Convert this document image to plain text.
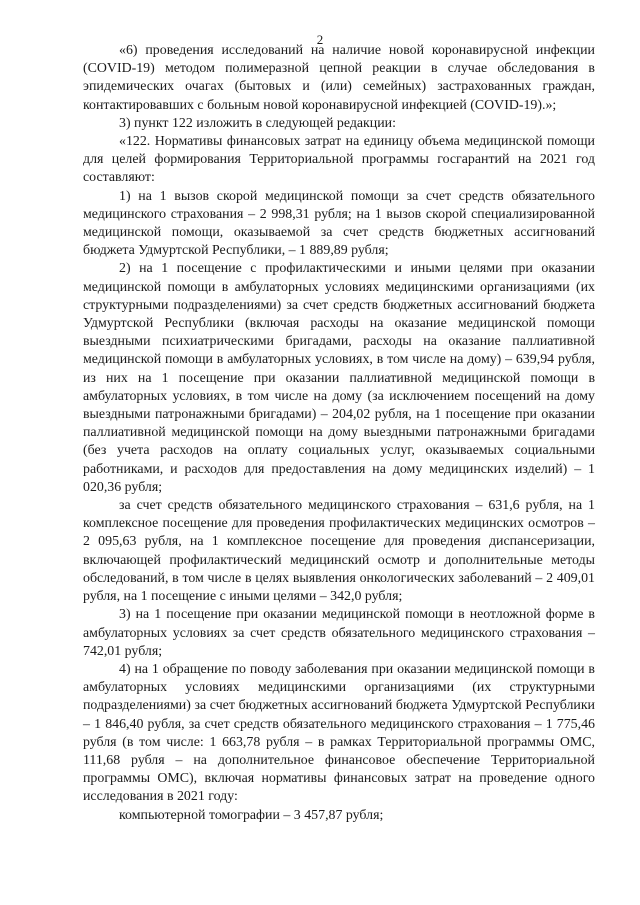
2

«6) проведения исследований на наличие новой коронавирусной инфекции (COVID-19) методом полимеразной цепной реакции в случае обследования в эпидемических очагах (бытовых и (или) семейных) застрахованных граждан, контактировавших с больным новой коронавирусной инфекцией (COVID-19).»;

3) пункт 122 изложить в следующей редакции:

«122. Нормативы финансовых затрат на единицу объема медицинской помощи для целей формирования Территориальной программы госгарантий на 2021 год составляют:

1) на 1 вызов скорой медицинской помощи за счет средств обязательного медицинского страхования – 2 998,31 рубля; на 1 вызов скорой специализированной медицинской помощи, оказываемой за счет средств бюджетных ассигнований бюджета Удмуртской Республики, – 1 889,89 рубля;

2) на 1 посещение с профилактическими и иными целями при оказании медицинской помощи в амбулаторных условиях медицинскими организациями (их структурными подразделениями) за счет средств бюджетных ассигнований бюджета Удмуртской Республики (включая расходы на оказание медицинской помощи выездными психиатрическими бригадами, расходы на оказание паллиативной медицинской помощи в амбулаторных условиях, в том числе на дому) – 639,94 рубля, из них на 1 посещение при оказании паллиативной медицинской помощи в амбулаторных условиях, в том числе на дому (за исключением посещений на дому выездными патронажными бригадами) – 204,02 рубля, на 1 посещение при оказании паллиативной медицинской помощи на дому выездными патронажными бригадами (без учета расходов на оплату социальных услуг, оказываемых социальными работниками, и расходов для предоставления на дому медицинских изделий) – 1 020,36 рубля;

за счет средств обязательного медицинского страхования – 631,6 рубля, на 1 комплексное посещение для проведения профилактических медицинских осмотров – 2 095,63 рубля, на 1 комплексное посещение для проведения диспансеризации, включающей профилактический медицинский осмотр и дополнительные методы обследований, в том числе в целях выявления онкологических заболеваний – 2 409,01 рубля, на 1 посещение с иными целями – 342,0 рубля;

3) на 1 посещение при оказании медицинской помощи в неотложной форме в амбулаторных условиях за счет средств обязательного медицинского страхования – 742,01 рубля;

4) на 1 обращение по поводу заболевания при оказании медицинской помощи в амбулаторных условиях медицинскими организациями (их структурными подразделениями) за счет бюджетных ассигнований бюджета Удмуртской Республики – 1 846,40 рубля, за счет средств обязательного медицинского страхования – 1 775,46 рубля (в том числе: 1 663,78 рубля – в рамках Территориальной программы ОМС, 111,68 рубля – на дополнительное финансовое обеспечение Территориальной программы ОМС), включая нормативы финансовых затрат на проведение одного исследования в 2021 году:

компьютерной томографии – 3 457,87 рубля;
